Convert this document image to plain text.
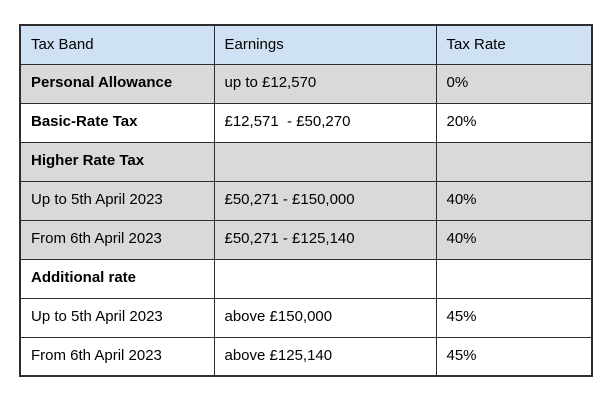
Tax Band	Earnings	Tax Rate
Personal Allowance	up to £12,570	0%
Basic-Rate Tax	£12,571  - £50,270	20%
Higher Rate Tax		
Up to 5th April 2023	£50,271 - £150,000	40%
From 6th April 2023	£50,271 - £125,140	40%
Additional rate		
Up to 5th April 2023	above £150,000	45%
From 6th April 2023	above £125,140	45%
